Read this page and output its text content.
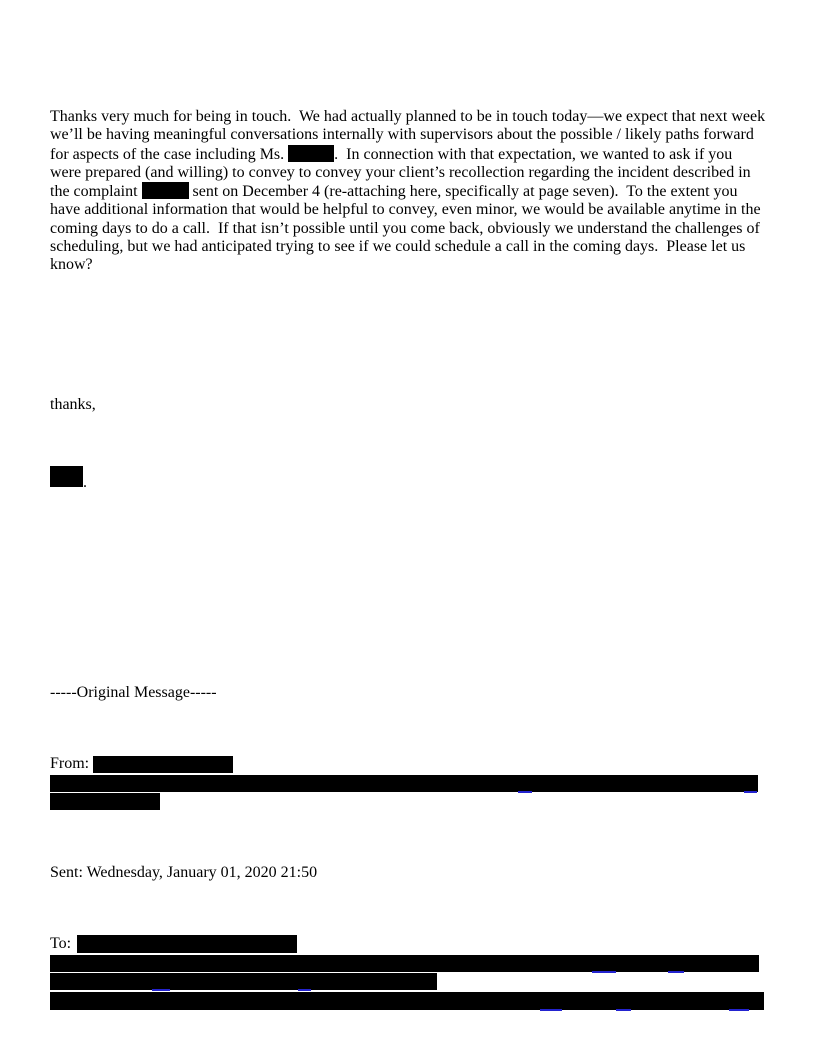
Thanks very much for being in touch.  We had actually planned to be in touch today—we expect that next week we’ll be having meaningful conversations internally with supervisors about the possible / likely paths forward for aspects of the case including Ms.	.  In connection with that expectation, we wanted to ask if you were prepared (and willing) to convey to convey your client’s recollection regarding the incident described in the complaint	sent on December 4 (re-attaching here, specifically at page seven).  To the extent you have additional information that would be helpful to convey, even minor, we would be available anytime in the coming days to do a call.  If that isn’t possible until you come back, obviously we understand the challenges of scheduling, but we had anticipated trying to see if we could schedule a call in the coming days.  Please let us know?

thanks,
.
-----Original Message-----
From:
Sent: Wednesday, January 01, 2020 21:50
To:
